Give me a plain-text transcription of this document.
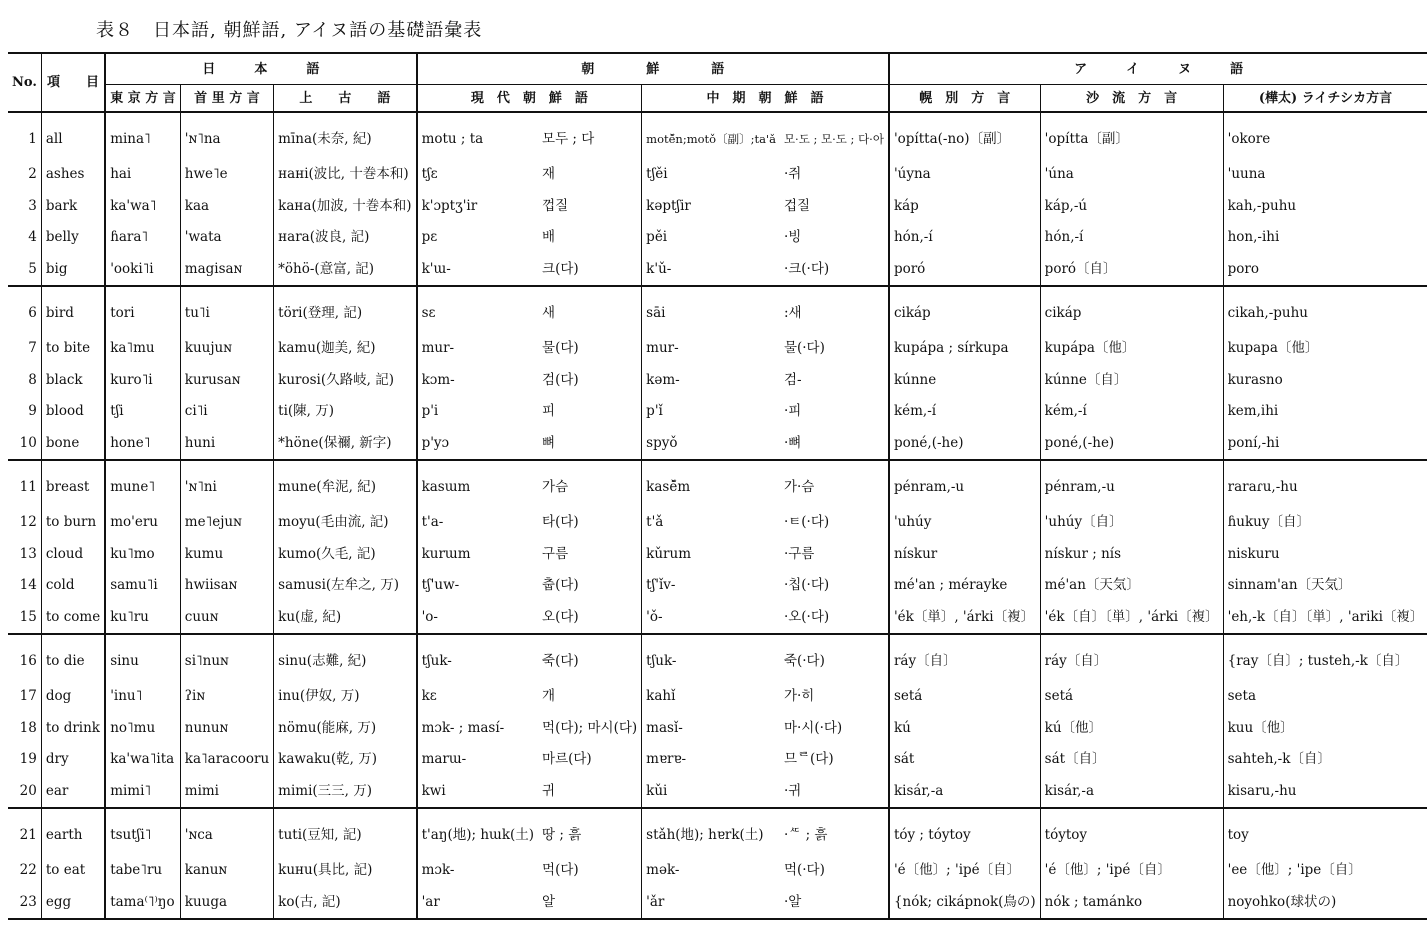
表８　日本語, 朝鮮語, アイヌ語の基礎語彙表
No.	項　　目	日　　　本　　　語			朝　　　　鮮　　　　語				ア　　　イ　　　ヌ　　　語		
		東 京 方 言	首 里 方 言	上　　古　　語	現　代　朝　鮮　語		中　期　朝　鮮　語		幌　別　方　言	沙　流　方　言	(樺太) ライチシカ方言
1	all	mina˥	'ɴ˥na	mīna(未奈, 紀)	motu ; ta	모두 ; 다	motě̃n;motǒ〔副〕;ta'ǎ	모·도 ; 모·도 ; 다·아	'opítta(-no)〔副〕	'opítta〔副〕	'okore
2	ashes	hai	hwe˥e	ʜaʜi(波比, 十巻本和)	tʃɛ	재	tʃěi	·쥐	'úyna	'úna	'uuna
3	bark	ka'wa˥	kaa	kaʜa(加波, 十巻本和)	k'ɔptʒ'ir	껍질	kəptʃir	겁질	káp	káp,-ú	kah,-puhu
4	belly	ɦara˥	'wata	ʜara(波良, 記)	pɛ	배	pěi	·빙	hón,-í	hón,-í	hon,-ihi
5	big	'ooki˥i	magisaɴ	*öhö-(意富, 記)	k'ɯ-	크(다)	k'ǔ-	·크(·다)	poró	poró〔自〕	poro
6	bird	tori	tu˥i	töri(登理, 記)	sɛ	새	sāi	:새	cikáp	cikáp	cikah,-puhu
7	to bite	ka˥mu	kuujuɴ	kamu(迦美, 紀)	mur-	물(다)	mur-	물(·다)	kupápa ; sírkupa	kupápa〔他〕	kupapa〔他〕
8	black	kuro˥i	kurusaɴ	kurosi(久路岐, 記)	kɔm-	검(다)	kəm-	검-	kúnne	kúnne〔自〕	kurasno
9	blood	tʃi	ci˥i	ti(陳, 万)	p'i	피	p'ǐ	·피	kém,-í	kém,-í	kem,ihi
10	bone	hone˥	huni	*höne(保禰, 新字)	p'yɔ	뼈	spyǒ	·뼈	poné,(-he)	poné,(-he)	poní,-hi
11	breast	mune˥	'ɴ˥ni	mune(牟泥, 紀)	kasɯm	가슴	kasě̃m	가·슴	pénram,-u	pénram,-u	raraɾu,-hu
12	to burn	mo'eru	me˥ejuɴ	moyu(毛由流, 記)	t'a-	타(다)	t'ǎ	·ㅌ(·다)	'uhúy	'uhúy〔自〕	ɦukuy〔自〕
13	cloud	ku˥mo	kumu	kumo(久毛, 記)	kurɯm	구름	kǔrum	·구름	nískur	nískur ; nís	niskuru
14	cold	samu˥i	hwiisaɴ	samusi(左牟之, 万)	tʃ'uw-	춥(다)	tʃ'ǐv-	·칩(·다)	mé'an ; mérayke	mé'an〔天気〕	sinnam'an〔天気〕
15	to come	ku˥ru	cuuɴ	ku(虚, 紀)	'o-	오(다)	'ǒ-	·오(·다)	'ék〔単〕, 'árki〔複〕	'ék〔自〕〔単〕, 'árki〔複〕	'eh,-k〔自〕〔単〕, 'ariki〔複〕
16	to die	sinu	si˥nuɴ	sinu(志難, 紀)	tʃuk-	죽(다)	tʃuk-	죽(·다)	ráy〔自〕	ráy〔自〕	{ray〔自〕; tusteh,-k〔自〕
17	dog	'inu˥	ʔiɴ	inu(伊奴, 万)	kɛ	개	kahǐ	가·히	setá	setá	seta
18	to drink	no˥mu	nunuɴ	nömu(能麻, 万)	mɔk- ; masí-	먹(다); 마시(다)	masǐ-	마·시(·다)	kú	kú〔他〕	kuu〔他〕
19	dry	ka'wa˥ita	ka˥aracooru	kawaku(乾, 万)	marɯ-	마르(다)	mɐrɐ-	므ᄅ(다)	sát	sát〔自〕	sahteh,-k〔自〕
20	ear	mimi˥	mimi	mimi(三三, 万)	kwi	귀	kǔi	·귀	kisár,-a	kisár,-a	kisaru,-hu
21	earth	tsutʃi˥	'ɴca	tuti(豆知, 記)	t'aŋ(地); hɯk(土)	땅 ; 흙	stǎh(地); hɐrk(土)	·ᄯ ; 흙	tóy ; tóytoy	tóytoy	toy
22	to eat	tabe˥ru	kanuɴ	kuʜu(具比, 記)	mɔk-	먹(다)	mək-	먹(·다)	'é〔他〕; 'ipé〔自〕	'é〔他〕; 'ipé〔自〕	'ee〔他〕; 'ipe〔自〕
23	egg	tama⁽˥⁾ŋo	kuuga	ko(古, 記)	'ar	알	'ǎr	·알	{nók; cikápnok(鳥の)	nók ; tamánko	noyohko(球状の)
